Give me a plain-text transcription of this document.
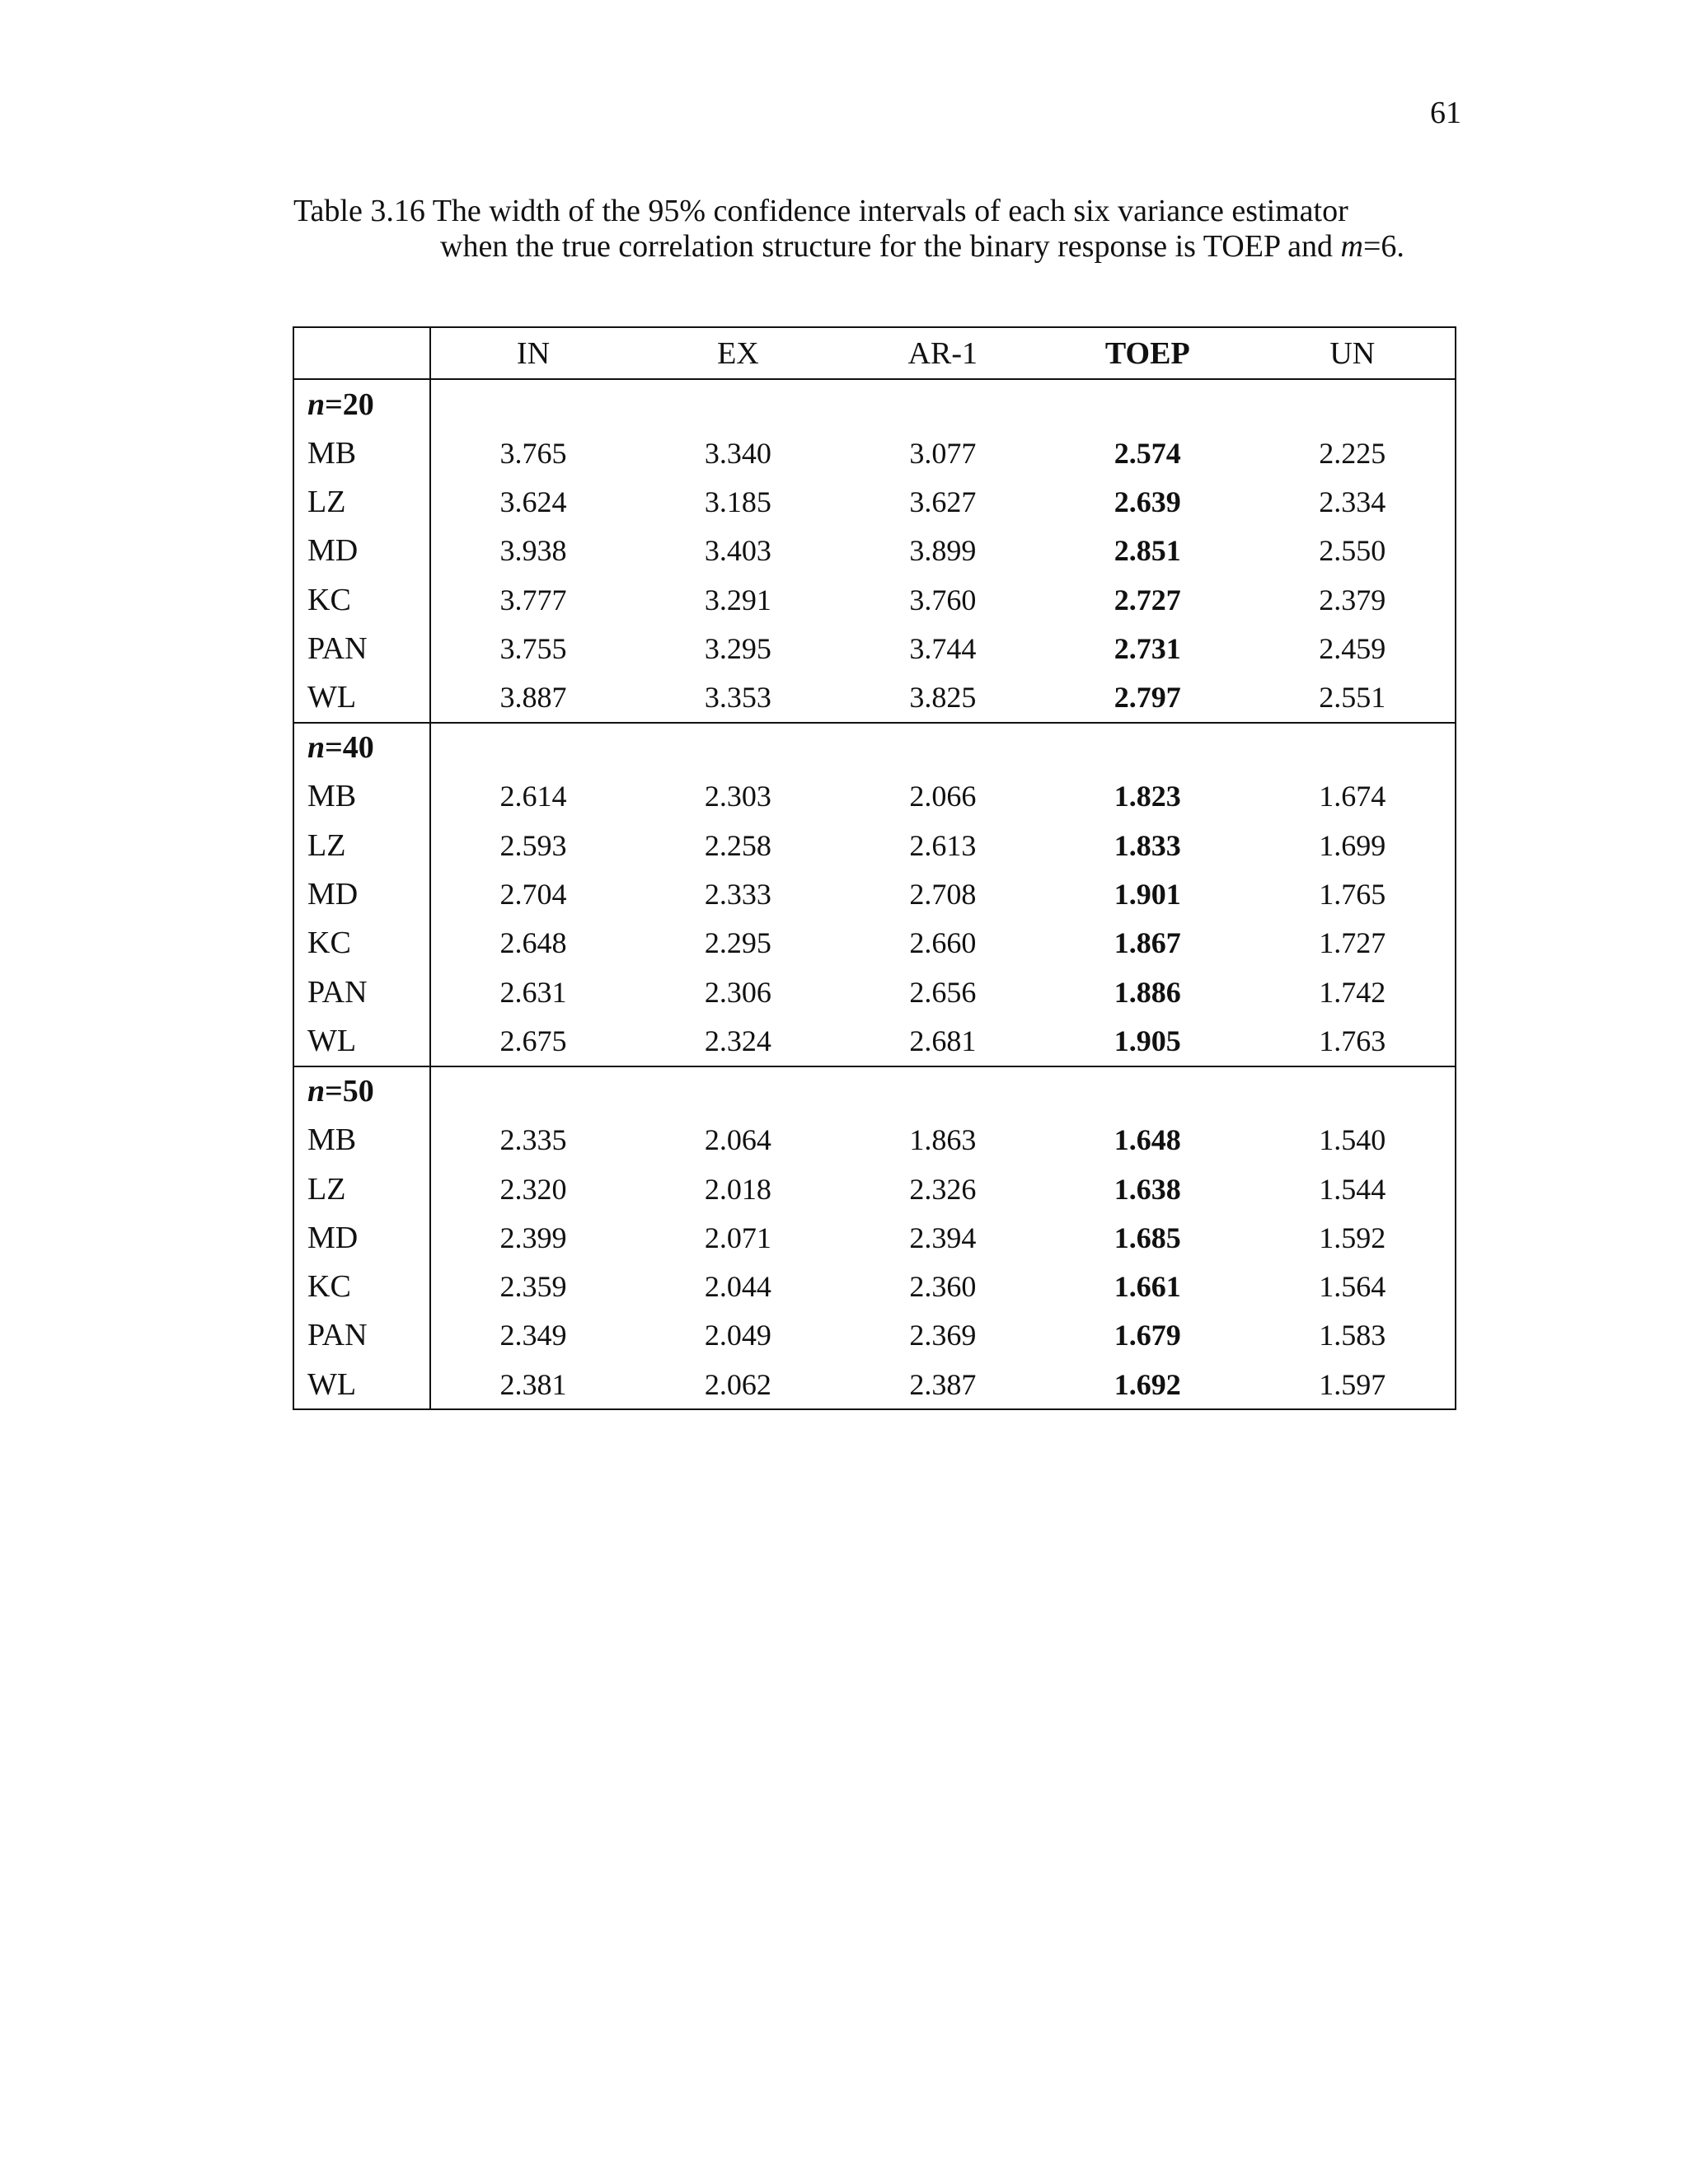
61
Table 3.16 The width of the 95% confidence intervals of each six variance estimator
when the true correlation structure for the binary response is TOEP and m=6.
	IN	EX	AR-1	TOEP	UN
n=20					
MB	3.765	3.340	3.077	2.574	2.225
LZ	3.624	3.185	3.627	2.639	2.334
MD	3.938	3.403	3.899	2.851	2.550
KC	3.777	3.291	3.760	2.727	2.379
PAN	3.755	3.295	3.744	2.731	2.459
WL	3.887	3.353	3.825	2.797	2.551
n=40					
MB	2.614	2.303	2.066	1.823	1.674
LZ	2.593	2.258	2.613	1.833	1.699
MD	2.704	2.333	2.708	1.901	1.765
KC	2.648	2.295	2.660	1.867	1.727
PAN	2.631	2.306	2.656	1.886	1.742
WL	2.675	2.324	2.681	1.905	1.763
n=50					
MB	2.335	2.064	1.863	1.648	1.540
LZ	2.320	2.018	2.326	1.638	1.544
MD	2.399	2.071	2.394	1.685	1.592
KC	2.359	2.044	2.360	1.661	1.564
PAN	2.349	2.049	2.369	1.679	1.583
WL	2.381	2.062	2.387	1.692	1.597
